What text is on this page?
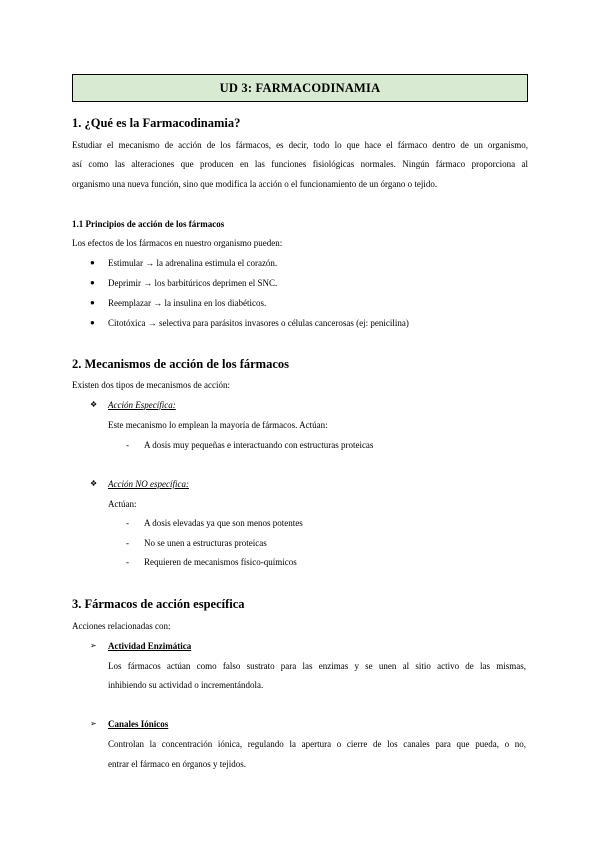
UD 3: FARMACODINAMIA
1. ¿Qué es la Farmacodinamia?
Estudiar el mecanismo de acción de los fármacos, es decir, todo lo que hace el fármaco dentro de un organismo,
así como las alteraciones que producen en las funciones fisiológicas normales. Ningún fármaco proporciona al
organismo una nueva función, sino que modifica la acción o el funcionamiento de un órgano o tejido.
1.1 Principios de acción de los fármacos
Los efectos de los fármacos en nuestro organismo pueden:
● Estimular → la adrenalina estimula el corazón.
● Deprimir → los barbitúricos deprimen el SNC.
● Reemplazar → la insulina en los diabéticos.
● Citotóxica → selectiva para parásitos invasores o células cancerosas (ej: penicilina)
2. Mecanismos de acción de los fármacos
Existen dos tipos de mecanismos de acción:
❖ Acción Específica:
Este mecanismo lo emplean la mayoría de fármacos. Actúan:
- A dosis muy pequeñas e interactuando con estructuras proteicas
❖ Acción NO específica:
Actúan:
- A dosis elevadas ya que son menos potentes
- No se unen a estructuras proteicas
- Requieren de mecanismos físico-químicos
3. Fármacos de acción específica
Acciones relacionadas con:
➢ Actividad Enzimática
Los fármacos actúan como falso sustrato para las enzimas y se unen al sitio activo de las mismas,
inhibiendo su actividad o incrementándola.
➢ Canales Iónicos
Controlan la concentración iónica, regulando la apertura o cierre de los canales para que pueda, o no,
entrar el fármaco en órganos y tejidos.
